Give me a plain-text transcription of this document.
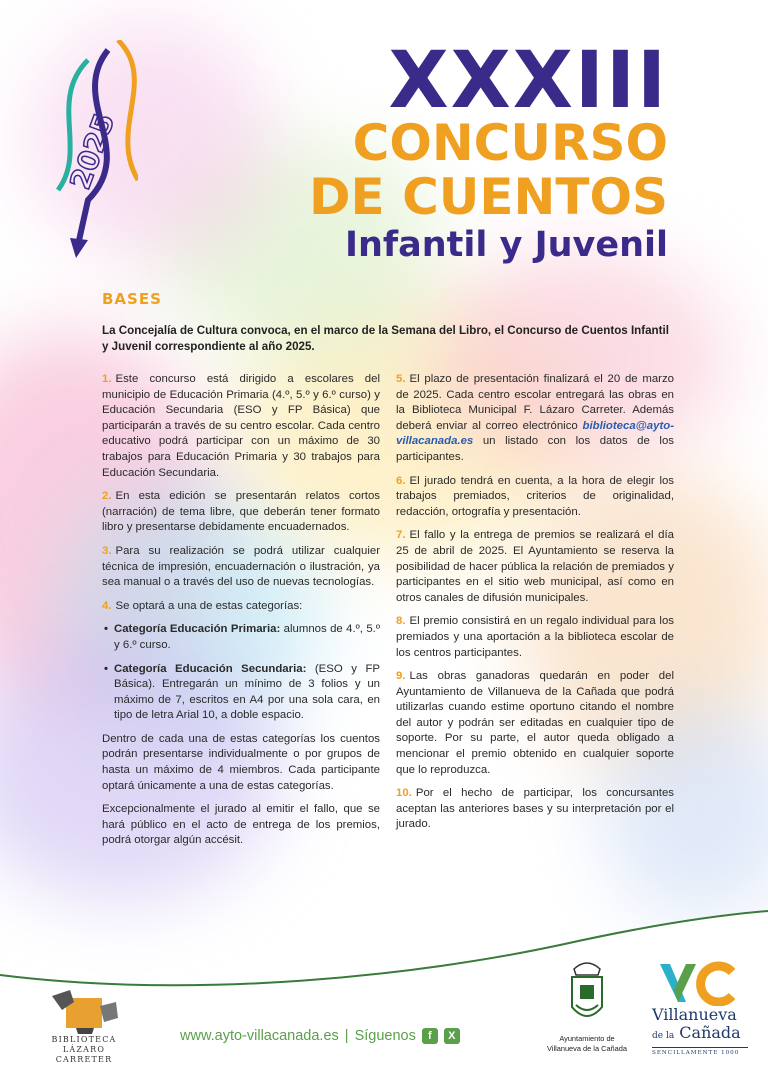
2025
XXXIII
CONCURSO
DE CUENTOS
Infantil y Juvenil
BASES
La Concejalía de Cultura convoca, en el marco de la Semana del Libro, el Concurso de Cuentos Infantil y Juvenil correspondiente al año 2025.

1. Este concurso está dirigido a escolares del municipio de Educación Primaria (4.º, 5.º y 6.º curso) y Educación Secundaria (ESO y FP Básica) que participarán a través de su centro escolar. Cada centro educativo podrá participar con un máximo de 30 trabajos para Educación Primaria y 30 trabajos para Educación Secundaria.

2. En esta edición se presentarán relatos cortos (narración) de tema libre, que deberán tener formato libro y presentarse debidamente encuadernados.

3. Para su realización se podrá utilizar cualquier técnica de impresión, encuadernación o ilustración, ya sea manual o a través del uso de nuevas tecnologías.

4. Se optará a una de estas categorías:

• Categoría Educación Primaria: alumnos de 4.º, 5.º y 6.º curso.

• Categoría Educación Secundaria: (ESO y FP Básica). Entregarán un mínimo de 3 folios y un máximo de 7, escritos en A4 por una sola cara, en tipo de letra Arial 10, a doble espacio.

Dentro de cada una de estas categorías los cuentos podrán presentarse individualmente o por grupos de hasta un máximo de 4 miembros. Cada participante optará únicamente a una de estas categorías.

Excepcionalmente el jurado al emitir el fallo, que se hará público en el acto de entrega de los premios, podrá otorgar algún accésit.

5. El plazo de presentación finalizará el 20 de marzo de 2025. Cada centro escolar entregará las obras en la Biblioteca Municipal F. Lázaro Carreter. Además deberá enviar al correo electrónico biblioteca@ayto-villacanada.es un listado con los datos de los participantes.

6. El jurado tendrá en cuenta, a la hora de elegir los trabajos premiados, criterios de originalidad, redacción, ortografía y presentación.

7. El fallo y la entrega de premios se realizará el día 25 de abril de 2025. El Ayuntamiento se reserva la posibilidad de hacer pública la relación de premiados y participantes en el sitio web municipal, así como en otros canales de difusión municipales.

8. El premio consistirá en un regalo individual para los premiados y una aportación a la biblioteca escolar de los centros participantes.

9. Las obras ganadoras quedarán en poder del Ayuntamiento de Villanueva de la Cañada que podrá utilizarlas cuando estime oportuno citando el nombre del autor y podrán ser editadas en cualquier tipo de soporte. Por su parte, el autor queda obligado a mencionar el premio obtenido en cualquier soporte que lo reproduzca.

10. Por el hecho de participar, los concursantes aceptan las anteriores bases y su interpretación por el jurado.

BIBLIOTECA
LÁZARO CARRETER
www.ayto-villacanada.es | Síguenos	f	X	Ayuntamiento de
Villanueva de la Cañada
Villanueva
de la Cañada
SENCILLAMENTE 1000
